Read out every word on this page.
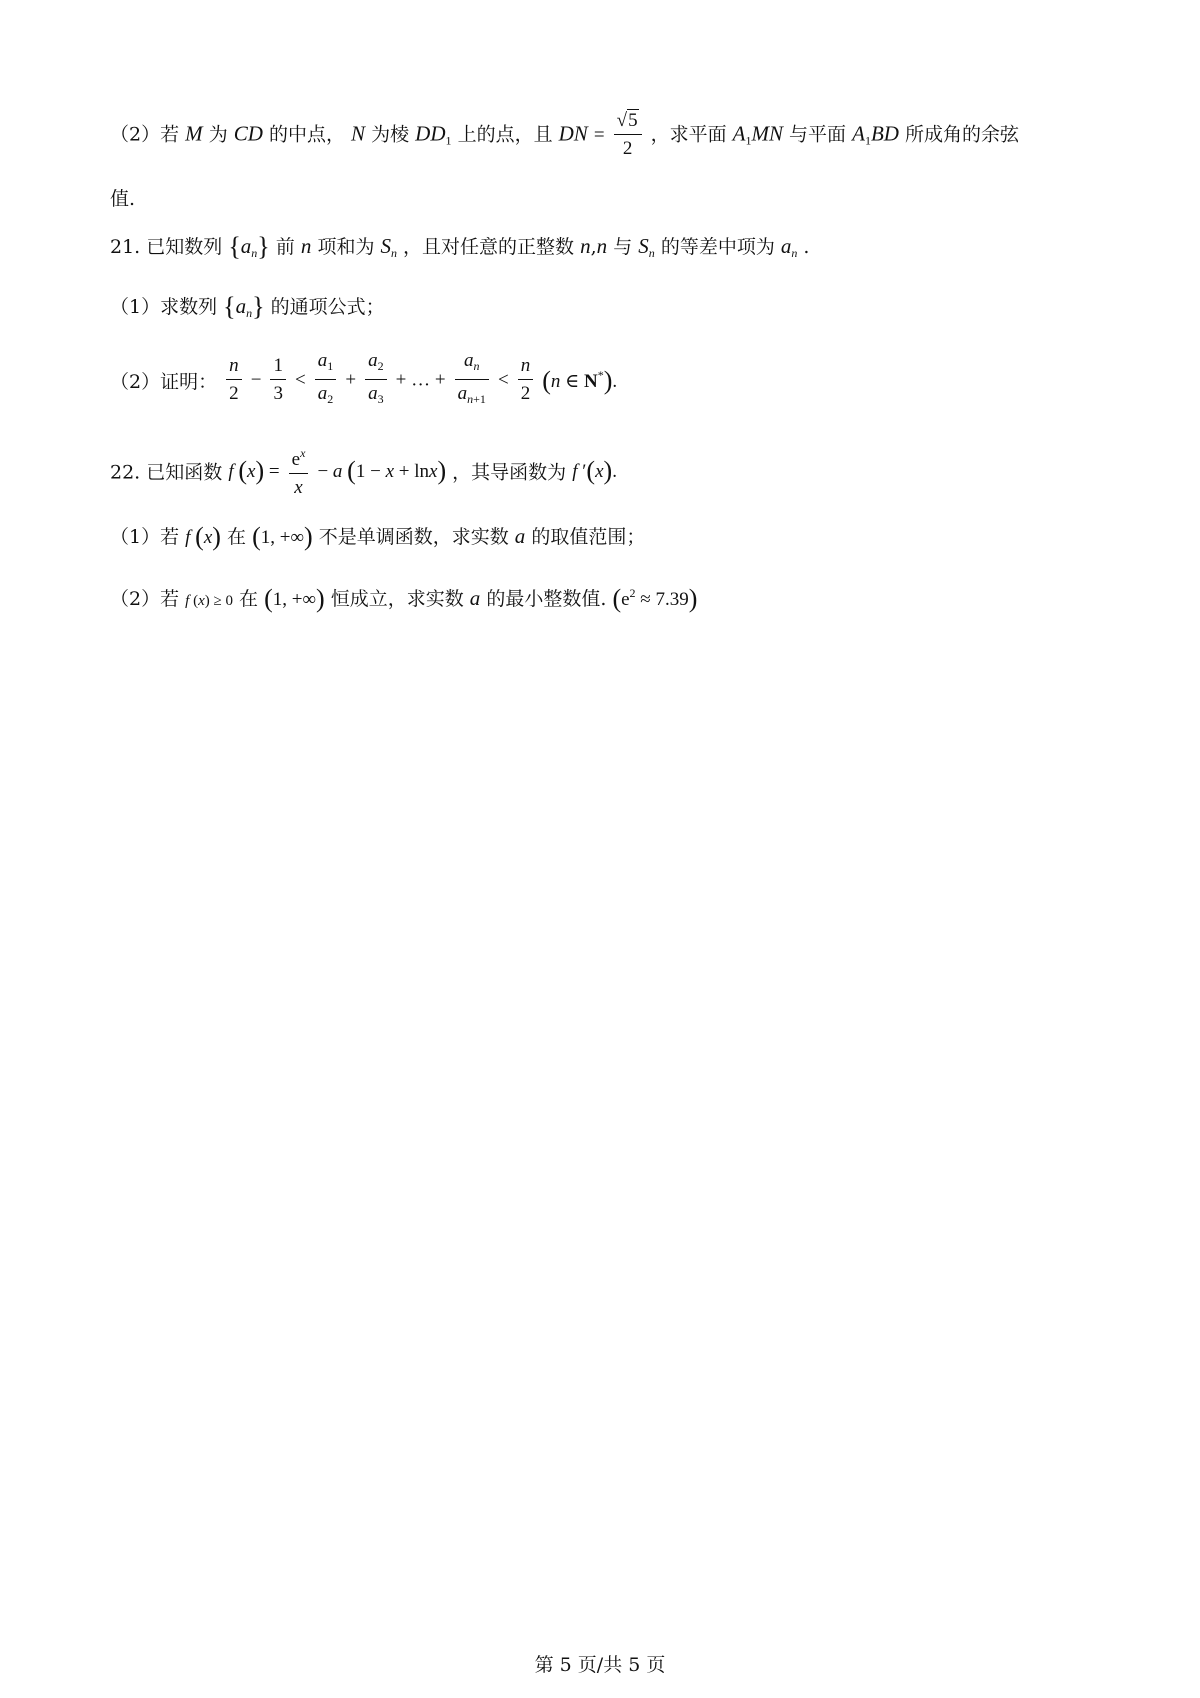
（2）若 M 为 CD 的中点， N 为棱 $DD_1$ 上的点，且 DN = $\frac{√5}{2}$ ，求平面 $A_1MN$ 与平面 $A_1BD$ 所成角的余弦
值.
21. 已知数列 $\{a_n\}$ 前 n 项和为 $S_n$ ，且对任意的正整数 n,n 与 $S_n$ 的等差中项为 $a_n$ .
（1）求数列 $\{a_n\}$ 的通项公式；
（2）证明： $\frac{n}{2} - \frac{1}{3} < \frac{a_1}{a_2} + \frac{a_2}{a_3}$ + … + $\frac{a_n}{a_{n+1}} < \frac{n}{2} (n$ ∈ N*).
22. 已知函数 f $(x) = \frac{e^x}{x} - a$ (1 − x + lnx) ，其导函数为 f ′(x).
（1）若 f (x) 在 (1, +∞) 不是单调函数，求实数 a 的取值范围；
（2）若 f (x) ≥ 0 在 (1, +∞) 恒成立，求实数 a 的最小整数值. $(e^2 \approx 7.39)$
第 5 页/共 5 页
